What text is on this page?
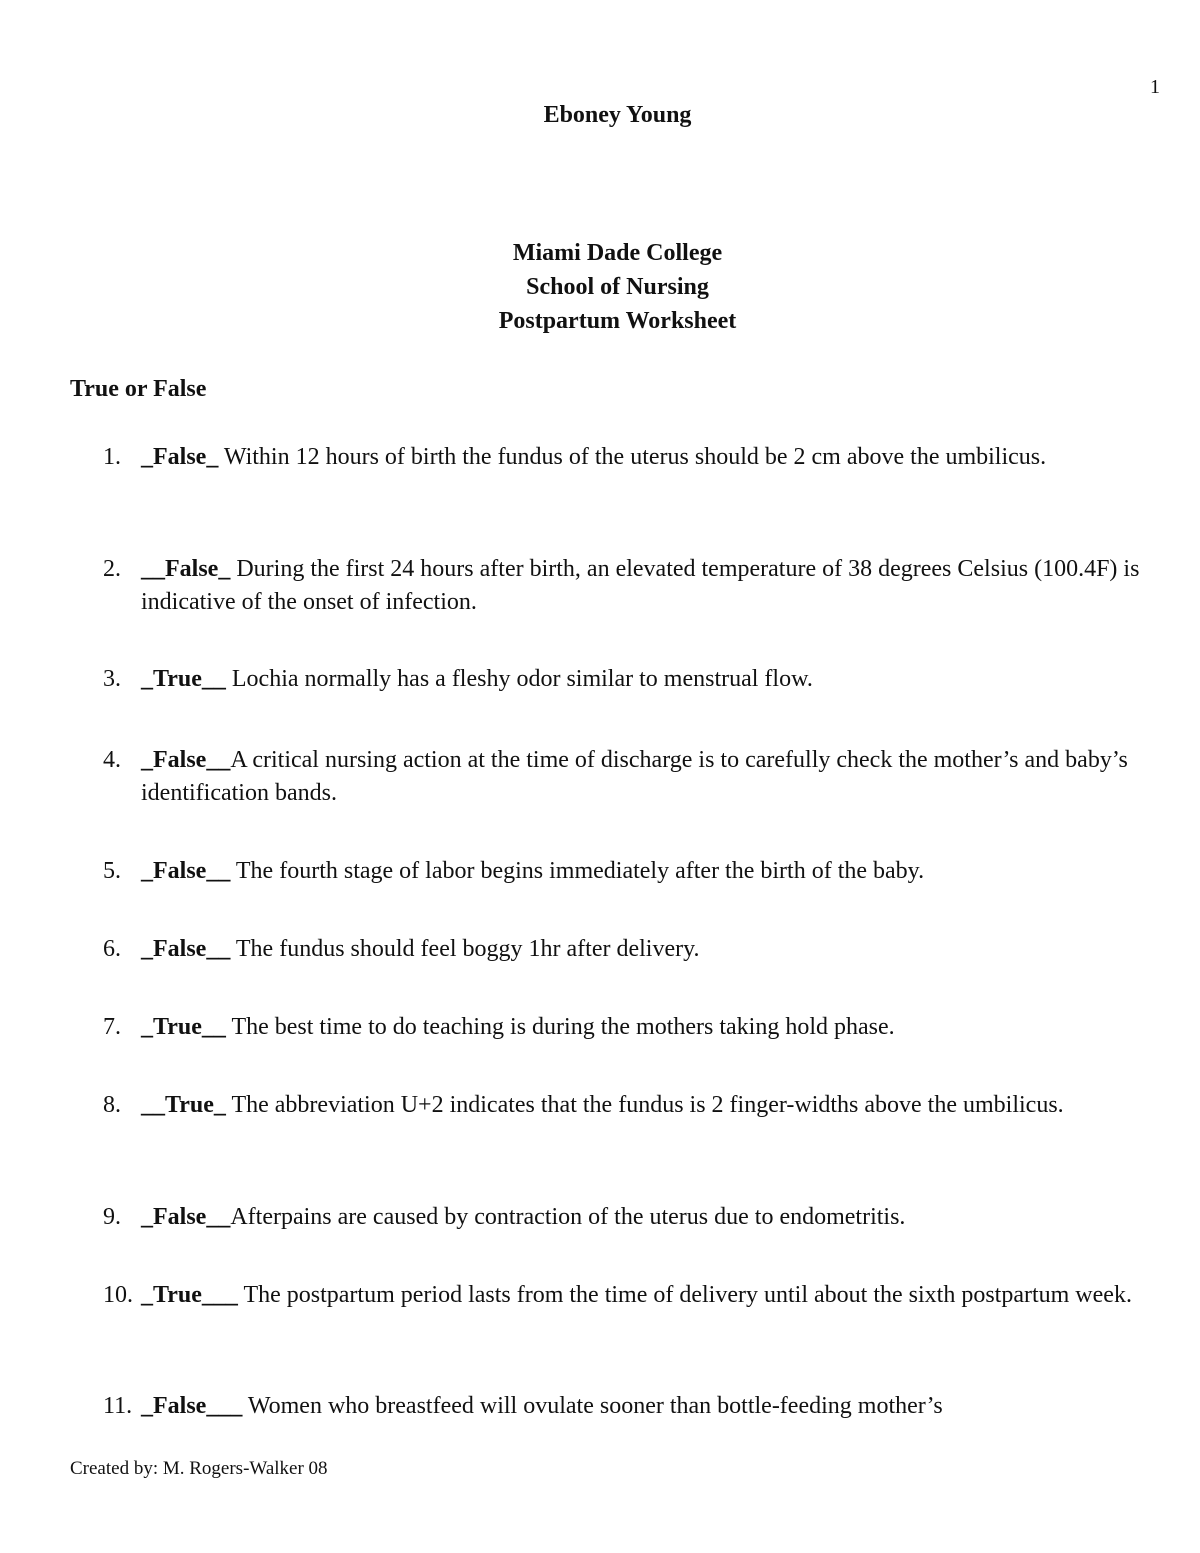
1
Eboney Young
Miami Dade College
School of Nursing
Postpartum Worksheet
True or False
1. _False_ Within 12 hours of birth the fundus of the uterus should be 2 cm above the umbilicus.
2. __False_ During the first 24 hours after birth, an elevated temperature of 38 degrees Celsius (100.4F) is indicative of the onset of infection.
3. _True__ Lochia normally has a fleshy odor similar to menstrual flow.
4. _False__A critical nursing action at the time of discharge is to carefully check the mother’s and baby’s identification bands.
5. _False__ The fourth stage of labor begins immediately after the birth of the baby.
6. _False__ The fundus should feel boggy 1hr after delivery.
7. _True__ The best time to do teaching is during the mothers taking hold phase.
8. __True_ The abbreviation U+2 indicates that the fundus is 2 finger-widths above the umbilicus.
9. _False__Afterpains are caused by contraction of the uterus due to endometritis.
10. _True___ The postpartum period lasts from the time of delivery until about the sixth postpartum week.
11. _False___ Women who breastfeed will ovulate sooner than bottle-feeding mother’s
Created by: M. Rogers-Walker 08
